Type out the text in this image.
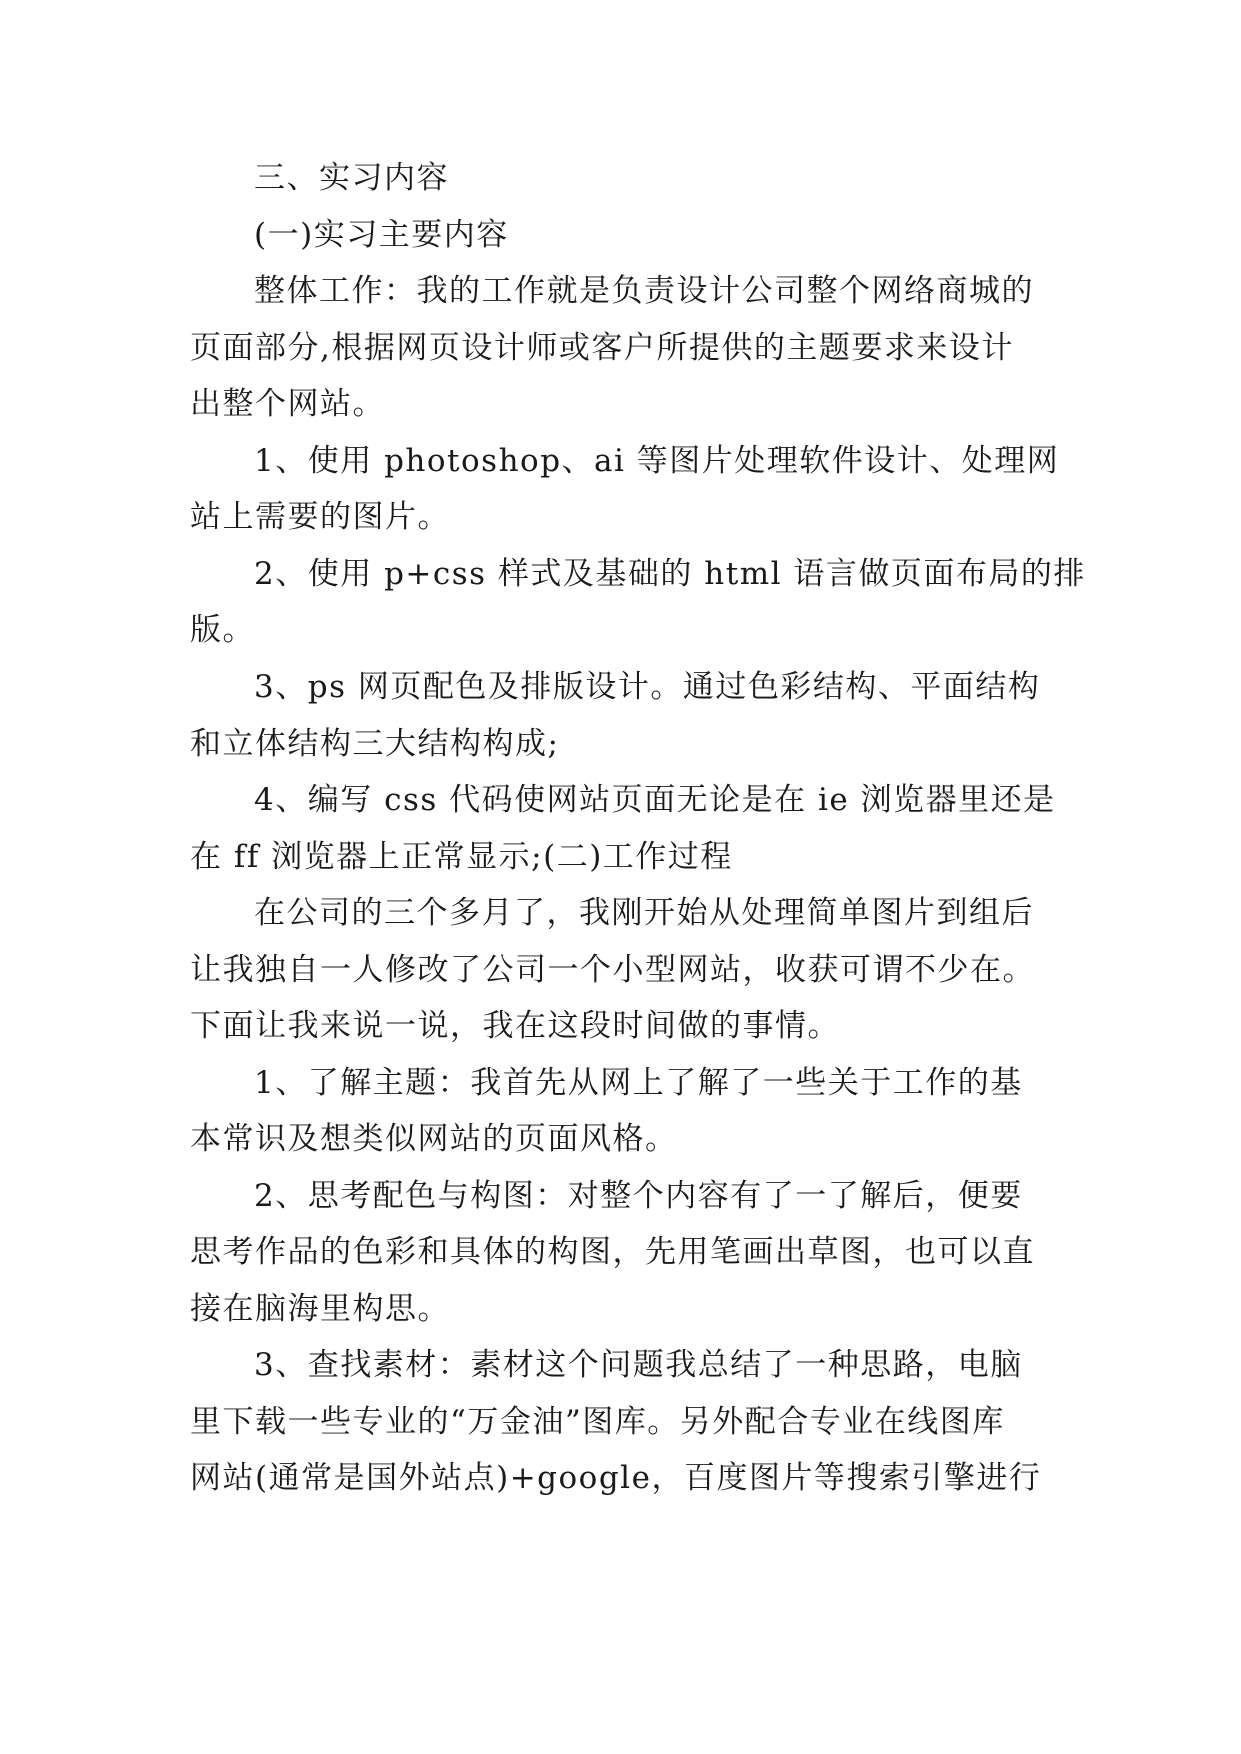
三、实习内容
(一)实习主要内容
整体工作：我的工作就是负责设计公司整个网络商城的
页面部分,根据网页设计师或客户所提供的主题要求来设计
出整个网站。
1、使用 photoshop、ai 等图片处理软件设计、处理网
站上需要的图片。
2、使用 p+css 样式及基础的 html 语言做页面布局的排
版。
3、ps 网页配色及排版设计。通过色彩结构、平面结构
和立体结构三大结构构成;
4、编写 css 代码使网站页面无论是在 ie 浏览器里还是
在 ff 浏览器上正常显示;(二)工作过程
在公司的三个多月了，我刚开始从处理简单图片到组后
让我独自一人修改了公司一个小型网站，收获可谓不少在。
下面让我来说一说，我在这段时间做的事情。
1、了解主题：我首先从网上了解了一些关于工作的基
本常识及想类似网站的页面风格。
2、思考配色与构图：对整个内容有了一了解后，便要
思考作品的色彩和具体的构图，先用笔画出草图，也可以直
接在脑海里构思。
3、查找素材：素材这个问题我总结了一种思路，电脑
里下载一些专业的“万金油”图库。另外配合专业在线图库
网站(通常是国外站点)+google，百度图片等搜索引擎进行
